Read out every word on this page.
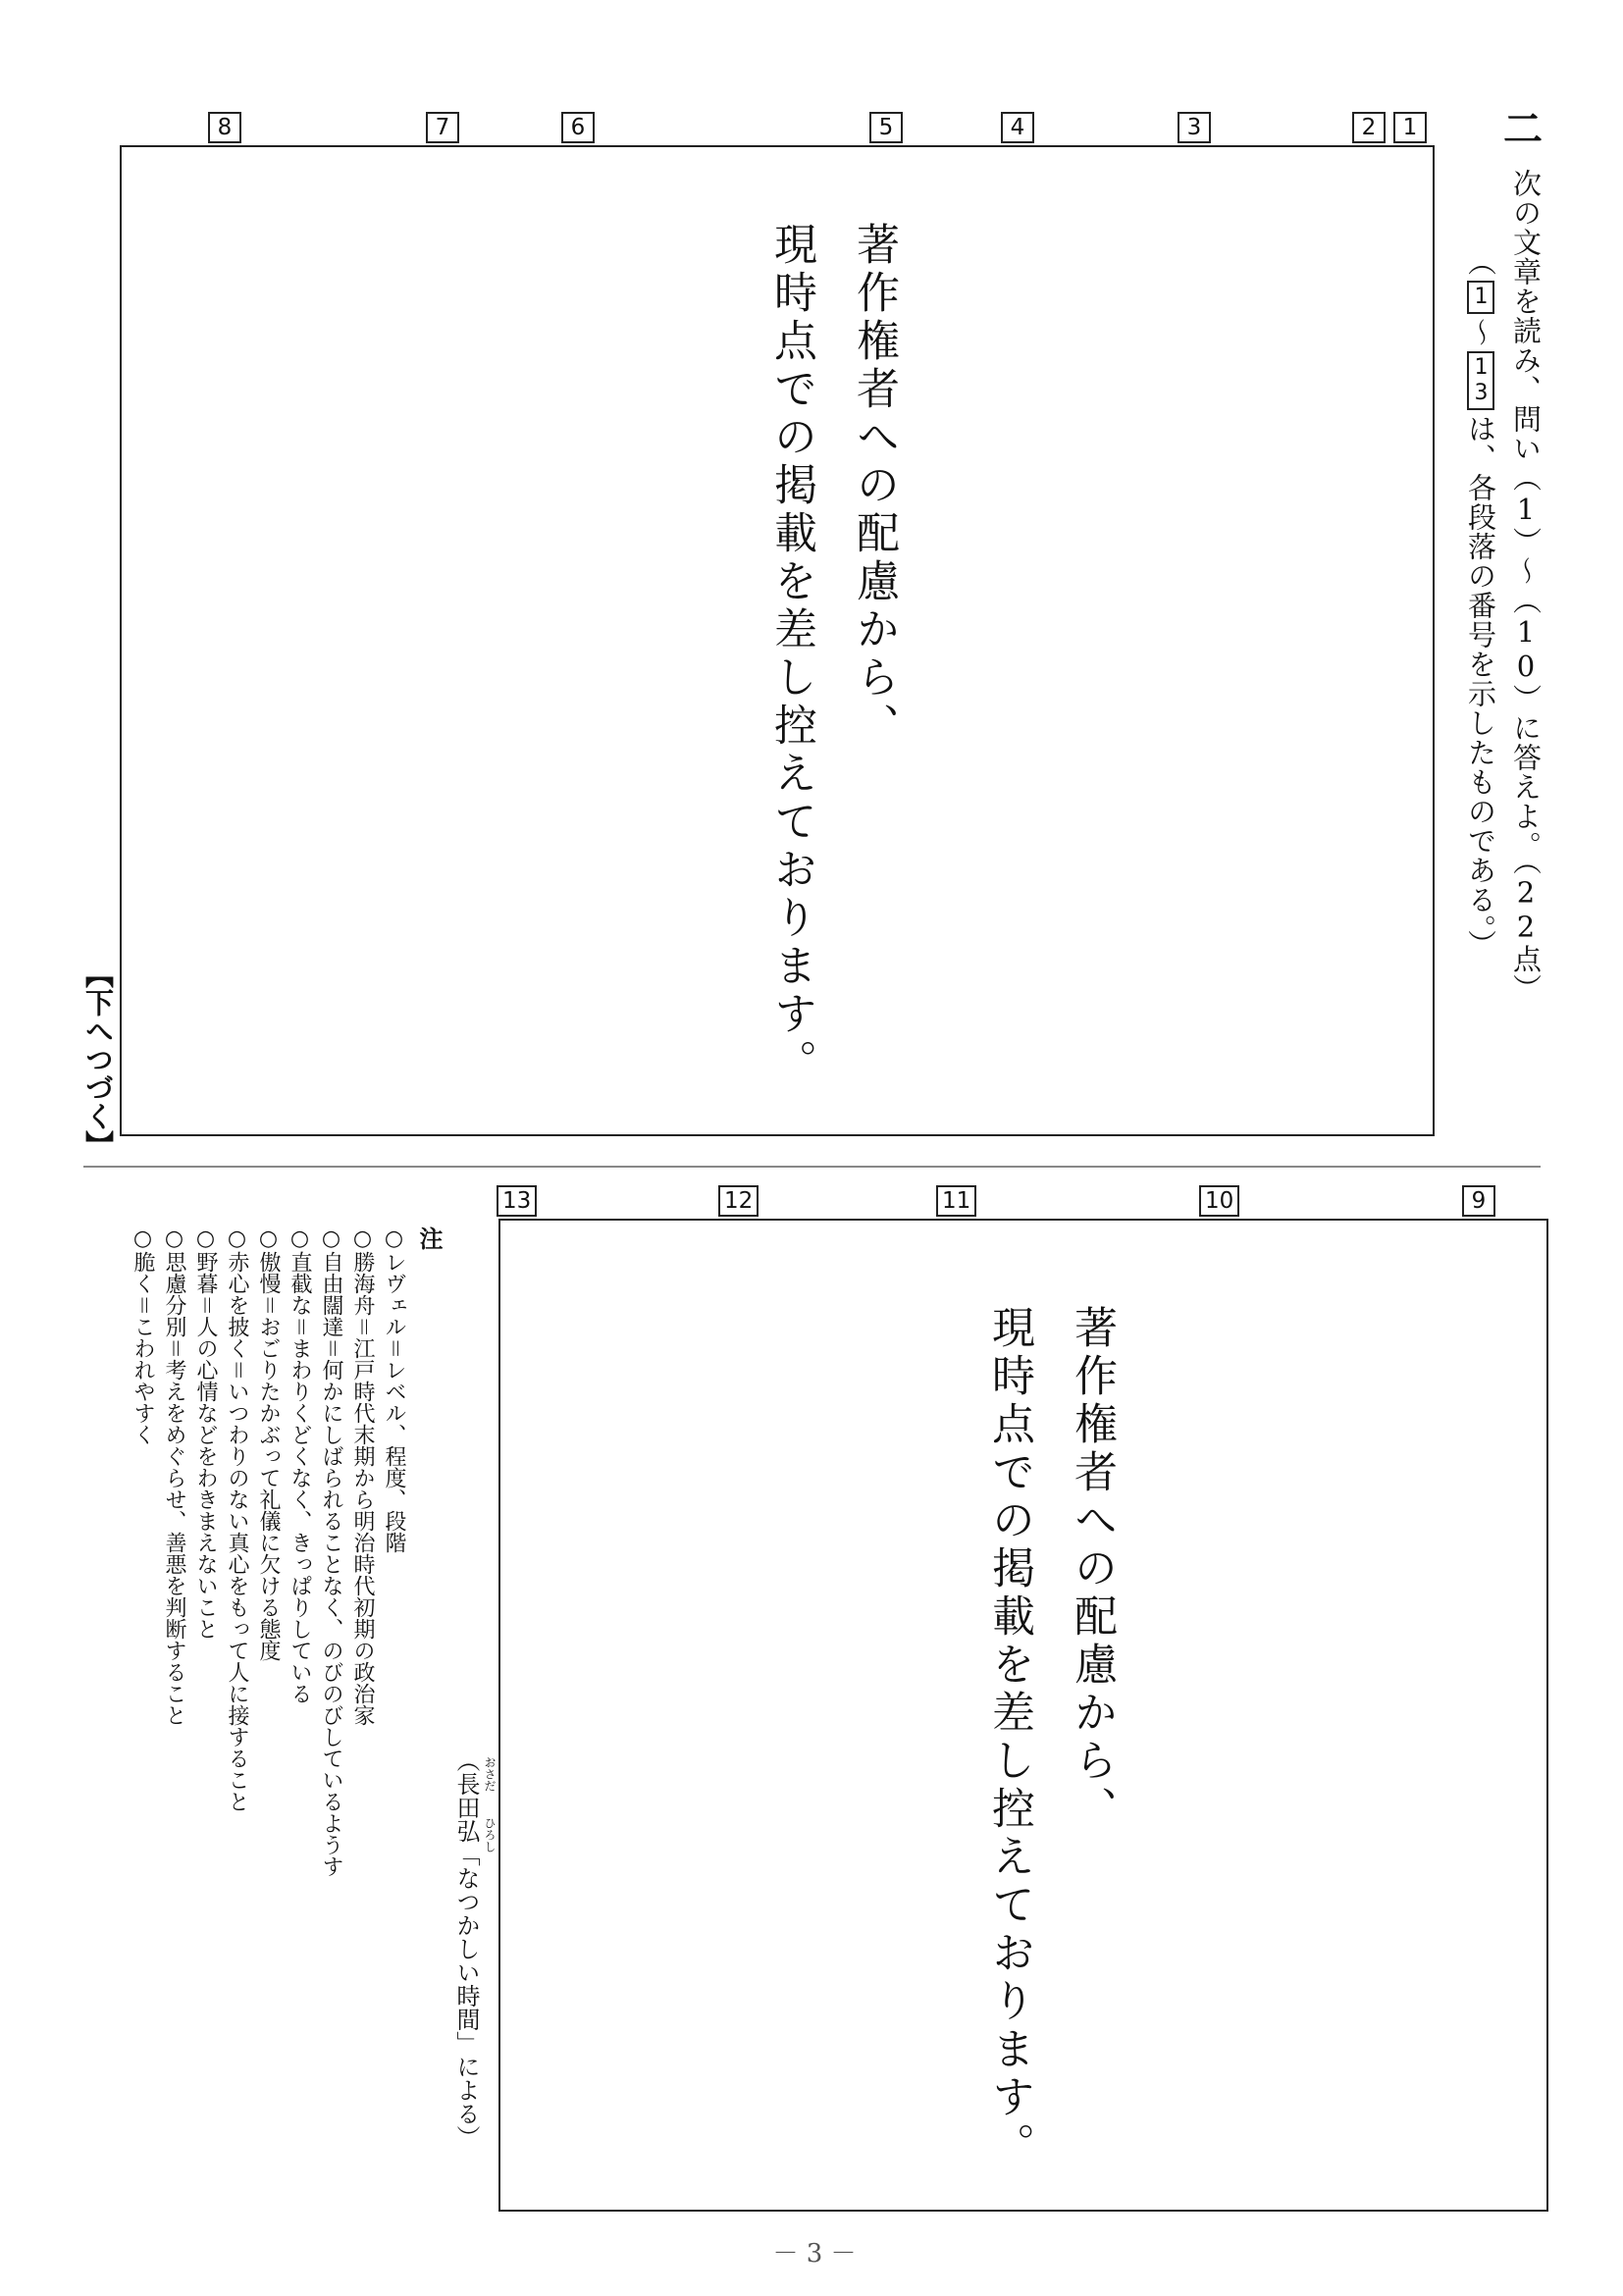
二
次の文章を読み、問い（1）～（10）に答えよ。（22点）
（1～13は、各段落の番号を示したものである。）
8	7	6	5	4	3	2	1
著作権者への配慮から、
現時点での掲載を差し控えております。
【下へつづく】
13	12	11	10	9
著作権者への配慮から、
現時点での掲載を差し控えております。
（長田弘「なつかしい時間」による） おさだ
ひろし
注
○レヴェル＝レベル、程度、段階
○勝海舟＝江戸時代末期から明治時代初期の政治家
○自由闊達＝何かにしばられることなく、のびのびしているようす
○直截な＝まわりくどくなく、きっぱりしている
○傲慢＝おごりたかぶって礼儀に欠ける態度
○赤心を披く＝いつわりのない真心をもって人に接すること
○野暮＝人の心情などをわきまえないこと
○思慮分別＝考えをめぐらせ、善悪を判断すること
○脆く＝こわれやすく
－ 3 －
